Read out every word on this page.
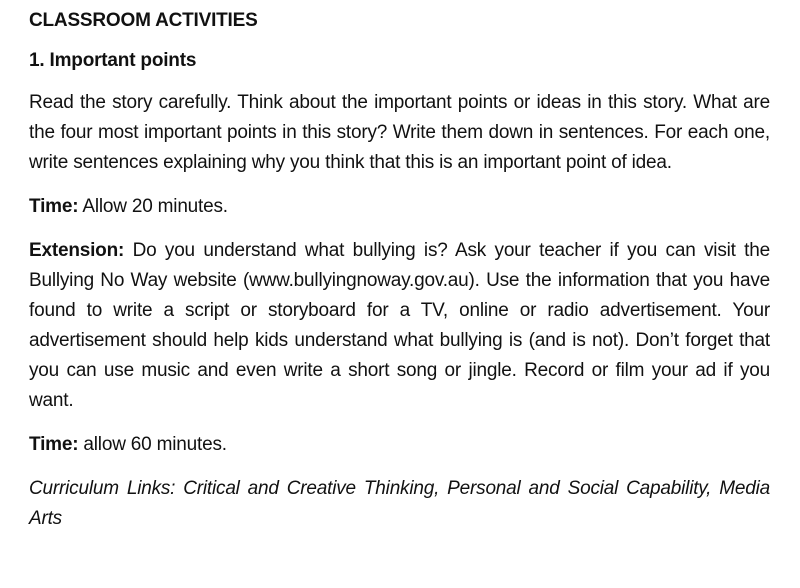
CLASSROOM ACTIVITIES
1. Important points

Read the story carefully. Think about the important points or ideas in this story. What are the four most important points in this story? Write them down in sentences. For each one, write sentences explaining why you think that this is an important point of idea.

Time: Allow 20 minutes.

Extension: Do you understand what bullying is? Ask your teacher if you can visit the Bullying No Way website (www.bullyingnoway.gov.au). Use the information that you have found to write a script or storyboard for a TV, online or radio advertisement. Your advertisement should help kids understand what bullying is (and is not). Don’t forget that you can use music and even write a short song or jingle. Record or film your ad if you want.

Time: allow 60 minutes.

Curriculum Links: Critical and Creative Thinking, Personal and Social Capability, Media Arts
